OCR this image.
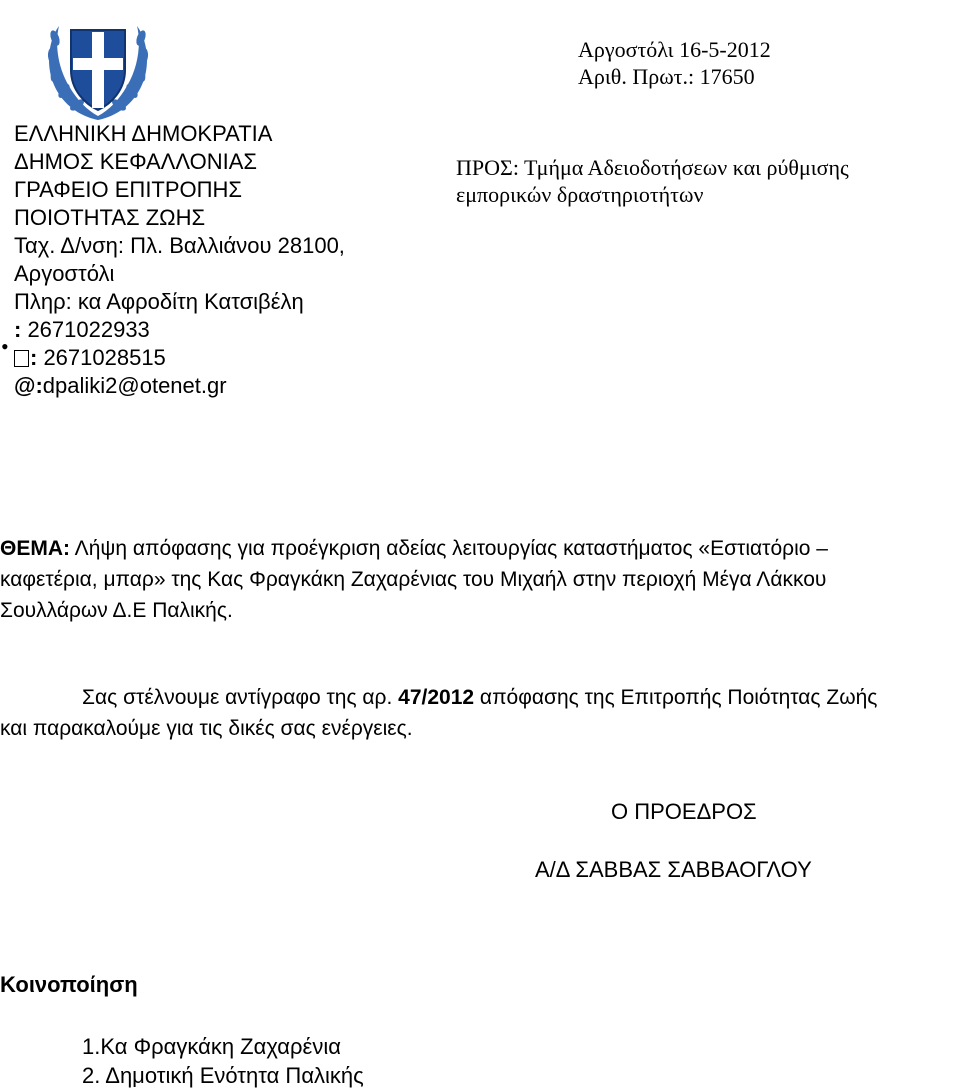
ΕΛΛΗΝΙΚΗ ΔΗΜΟΚΡΑΤΙΑ
ΔΗΜΟΣ ΚΕΦΑΛΛΟΝΙΑΣ
ΓΡΑΦΕΙΟ ΕΠΙΤΡΟΠΗΣ
ΠΟΙΟΤΗΤΑΣ ΖΩΗΣ
Ταχ. Δ/νση: Πλ. Βαλλιάνου 28100,
Αργοστόλι
Πληρ: κα Αφροδίτη Κατσιβέλη
: 2671022933
: 2671028515
@:dpaliki2@otenet.gr
•
Αργοστόλι 16-5-2012
Αριθ. Πρωτ.: 17650
ΠΡΟΣ: Τμήμα Αδειοδοτήσεων και ρύθμισης
εμπορικών δραστηριοτήτων
ΘΕΜΑ: Λήψη απόφασης για προέγκριση αδείας λειτουργίας καταστήματος «Εστιατόριο –
καφετέρια, μπαρ» της Κας Φραγκάκη Ζαχαρένιας του Μιχαήλ στην περιοχή Μέγα Λάκκου
Σουλλάρων Δ.Ε Παλικής.
Σας στέλνουμε αντίγραφο της αρ. 47/2012 απόφασης της Επιτροπής Ποιότητας Ζωής
και παρακαλούμε για τις δικές σας ενέργειες.
Ο ΠΡΟΕΔΡΟΣ
Α/Δ ΣΑΒΒΑΣ ΣΑΒΒΑΟΓΛΟΥ
Κοινοποίηση
1.Κα Φραγκάκη Ζαχαρένια
2. Δημοτική Ενότητα Παλικής
